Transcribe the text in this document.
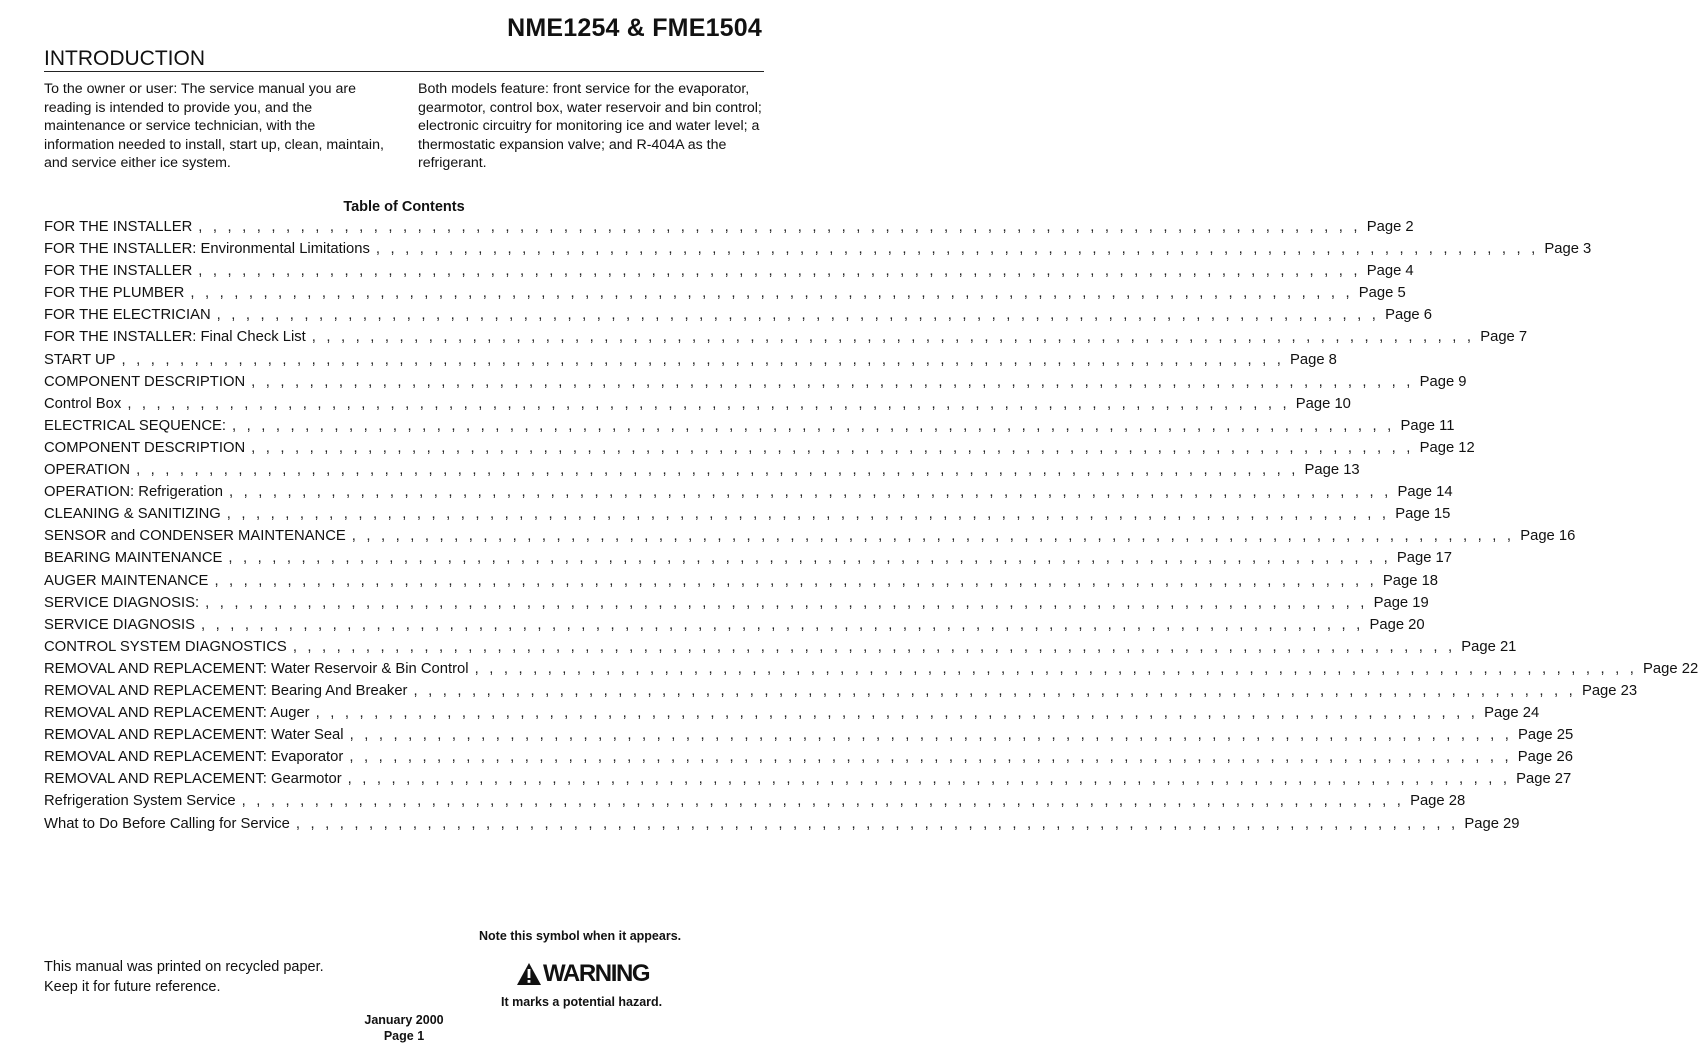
NME1254 & FME1504
INTRODUCTION

To the owner or user: The service manual you are reading is intended to provide you, and the maintenance or service technician, with the information needed to install, start up, clean, maintain, and service either ice system.

Both models feature: front service for the evaporator, gearmotor, control box, water reservoir and bin control; electronic circuitry for monitoring ice and water level; a thermostatic expansion valve; and R-404A as the refrigerant.

Table of Contents
FOR THE INSTALLER , , , , , , , , , , , , , , , , , , , , , , , , , , , , , , , , , , , , , , , , , , , , , , , , , , , , , , , , , , , , , , , , , , , , , , , , , , , , , , , , Page 2
FOR THE INSTALLER: Environmental Limitations , , , , , , , , , , , , , , , , , , , , , , , , , , , , , , , , , , , , , , , , , , , , , , , , , , , , , , , , , , , , , , , , , , , , , , , , , , , , , , , , Page 3
FOR THE INSTALLER , , , , , , , , , , , , , , , , , , , , , , , , , , , , , , , , , , , , , , , , , , , , , , , , , , , , , , , , , , , , , , , , , , , , , , , , , , , , , , , , Page 4
FOR THE PLUMBER , , , , , , , , , , , , , , , , , , , , , , , , , , , , , , , , , , , , , , , , , , , , , , , , , , , , , , , , , , , , , , , , , , , , , , , , , , , , , , , , Page 5
FOR THE ELECTRICIAN , , , , , , , , , , , , , , , , , , , , , , , , , , , , , , , , , , , , , , , , , , , , , , , , , , , , , , , , , , , , , , , , , , , , , , , , , , , , , , , , Page 6
FOR THE INSTALLER: Final Check List , , , , , , , , , , , , , , , , , , , , , , , , , , , , , , , , , , , , , , , , , , , , , , , , , , , , , , , , , , , , , , , , , , , , , , , , , , , , , , , , Page 7
START UP , , , , , , , , , , , , , , , , , , , , , , , , , , , , , , , , , , , , , , , , , , , , , , , , , , , , , , , , , , , , , , , , , , , , , , , , , , , , , , , , Page 8
COMPONENT DESCRIPTION , , , , , , , , , , , , , , , , , , , , , , , , , , , , , , , , , , , , , , , , , , , , , , , , , , , , , , , , , , , , , , , , , , , , , , , , , , , , , , , , Page 9
Control Box , , , , , , , , , , , , , , , , , , , , , , , , , , , , , , , , , , , , , , , , , , , , , , , , , , , , , , , , , , , , , , , , , , , , , , , , , , , , , , , , Page 10
ELECTRICAL SEQUENCE: , , , , , , , , , , , , , , , , , , , , , , , , , , , , , , , , , , , , , , , , , , , , , , , , , , , , , , , , , , , , , , , , , , , , , , , , , , , , , , , , Page 11
COMPONENT DESCRIPTION , , , , , , , , , , , , , , , , , , , , , , , , , , , , , , , , , , , , , , , , , , , , , , , , , , , , , , , , , , , , , , , , , , , , , , , , , , , , , , , , Page 12
OPERATION , , , , , , , , , , , , , , , , , , , , , , , , , , , , , , , , , , , , , , , , , , , , , , , , , , , , , , , , , , , , , , , , , , , , , , , , , , , , , , , , Page 13
OPERATION: Refrigeration , , , , , , , , , , , , , , , , , , , , , , , , , , , , , , , , , , , , , , , , , , , , , , , , , , , , , , , , , , , , , , , , , , , , , , , , , , , , , , , , Page 14
CLEANING & SANITIZING , , , , , , , , , , , , , , , , , , , , , , , , , , , , , , , , , , , , , , , , , , , , , , , , , , , , , , , , , , , , , , , , , , , , , , , , , , , , , , , , Page 15
SENSOR and CONDENSER MAINTENANCE , , , , , , , , , , , , , , , , , , , , , , , , , , , , , , , , , , , , , , , , , , , , , , , , , , , , , , , , , , , , , , , , , , , , , , , , , , , , , , , , Page 16
BEARING MAINTENANCE , , , , , , , , , , , , , , , , , , , , , , , , , , , , , , , , , , , , , , , , , , , , , , , , , , , , , , , , , , , , , , , , , , , , , , , , , , , , , , , , Page 17
AUGER MAINTENANCE , , , , , , , , , , , , , , , , , , , , , , , , , , , , , , , , , , , , , , , , , , , , , , , , , , , , , , , , , , , , , , , , , , , , , , , , , , , , , , , , Page 18
SERVICE DIAGNOSIS: , , , , , , , , , , , , , , , , , , , , , , , , , , , , , , , , , , , , , , , , , , , , , , , , , , , , , , , , , , , , , , , , , , , , , , , , , , , , , , , , Page 19
SERVICE DIAGNOSIS , , , , , , , , , , , , , , , , , , , , , , , , , , , , , , , , , , , , , , , , , , , , , , , , , , , , , , , , , , , , , , , , , , , , , , , , , , , , , , , , Page 20
CONTROL SYSTEM DIAGNOSTICS , , , , , , , , , , , , , , , , , , , , , , , , , , , , , , , , , , , , , , , , , , , , , , , , , , , , , , , , , , , , , , , , , , , , , , , , , , , , , , , , Page 21
REMOVAL AND REPLACEMENT: Water Reservoir & Bin Control , , , , , , , , , , , , , , , , , , , , , , , , , , , , , , , , , , , , , , , , , , , , , , , , , , , , , , , , , , , , , , , , , , , , , , , , , , , , , , , , Page 22
REMOVAL AND REPLACEMENT: Bearing And Breaker , , , , , , , , , , , , , , , , , , , , , , , , , , , , , , , , , , , , , , , , , , , , , , , , , , , , , , , , , , , , , , , , , , , , , , , , , , , , , , , , Page 23
REMOVAL AND REPLACEMENT: Auger , , , , , , , , , , , , , , , , , , , , , , , , , , , , , , , , , , , , , , , , , , , , , , , , , , , , , , , , , , , , , , , , , , , , , , , , , , , , , , , , Page 24
REMOVAL AND REPLACEMENT: Water Seal , , , , , , , , , , , , , , , , , , , , , , , , , , , , , , , , , , , , , , , , , , , , , , , , , , , , , , , , , , , , , , , , , , , , , , , , , , , , , , , , Page 25
REMOVAL AND REPLACEMENT: Evaporator , , , , , , , , , , , , , , , , , , , , , , , , , , , , , , , , , , , , , , , , , , , , , , , , , , , , , , , , , , , , , , , , , , , , , , , , , , , , , , , , Page 26
REMOVAL AND REPLACEMENT: Gearmotor , , , , , , , , , , , , , , , , , , , , , , , , , , , , , , , , , , , , , , , , , , , , , , , , , , , , , , , , , , , , , , , , , , , , , , , , , , , , , , , , Page 27
Refrigeration System Service , , , , , , , , , , , , , , , , , , , , , , , , , , , , , , , , , , , , , , , , , , , , , , , , , , , , , , , , , , , , , , , , , , , , , , , , , , , , , , , , Page 28
What to Do Before Calling for Service , , , , , , , , , , , , , , , , , , , , , , , , , , , , , , , , , , , , , , , , , , , , , , , , , , , , , , , , , , , , , , , , , , , , , , , , , , , , , , , , Page 29

Note this symbol when it appears.

This manual was printed on recycled paper.
Keep it for future reference.	WARNING

It marks a potential hazard.

January 2000
Page 1
